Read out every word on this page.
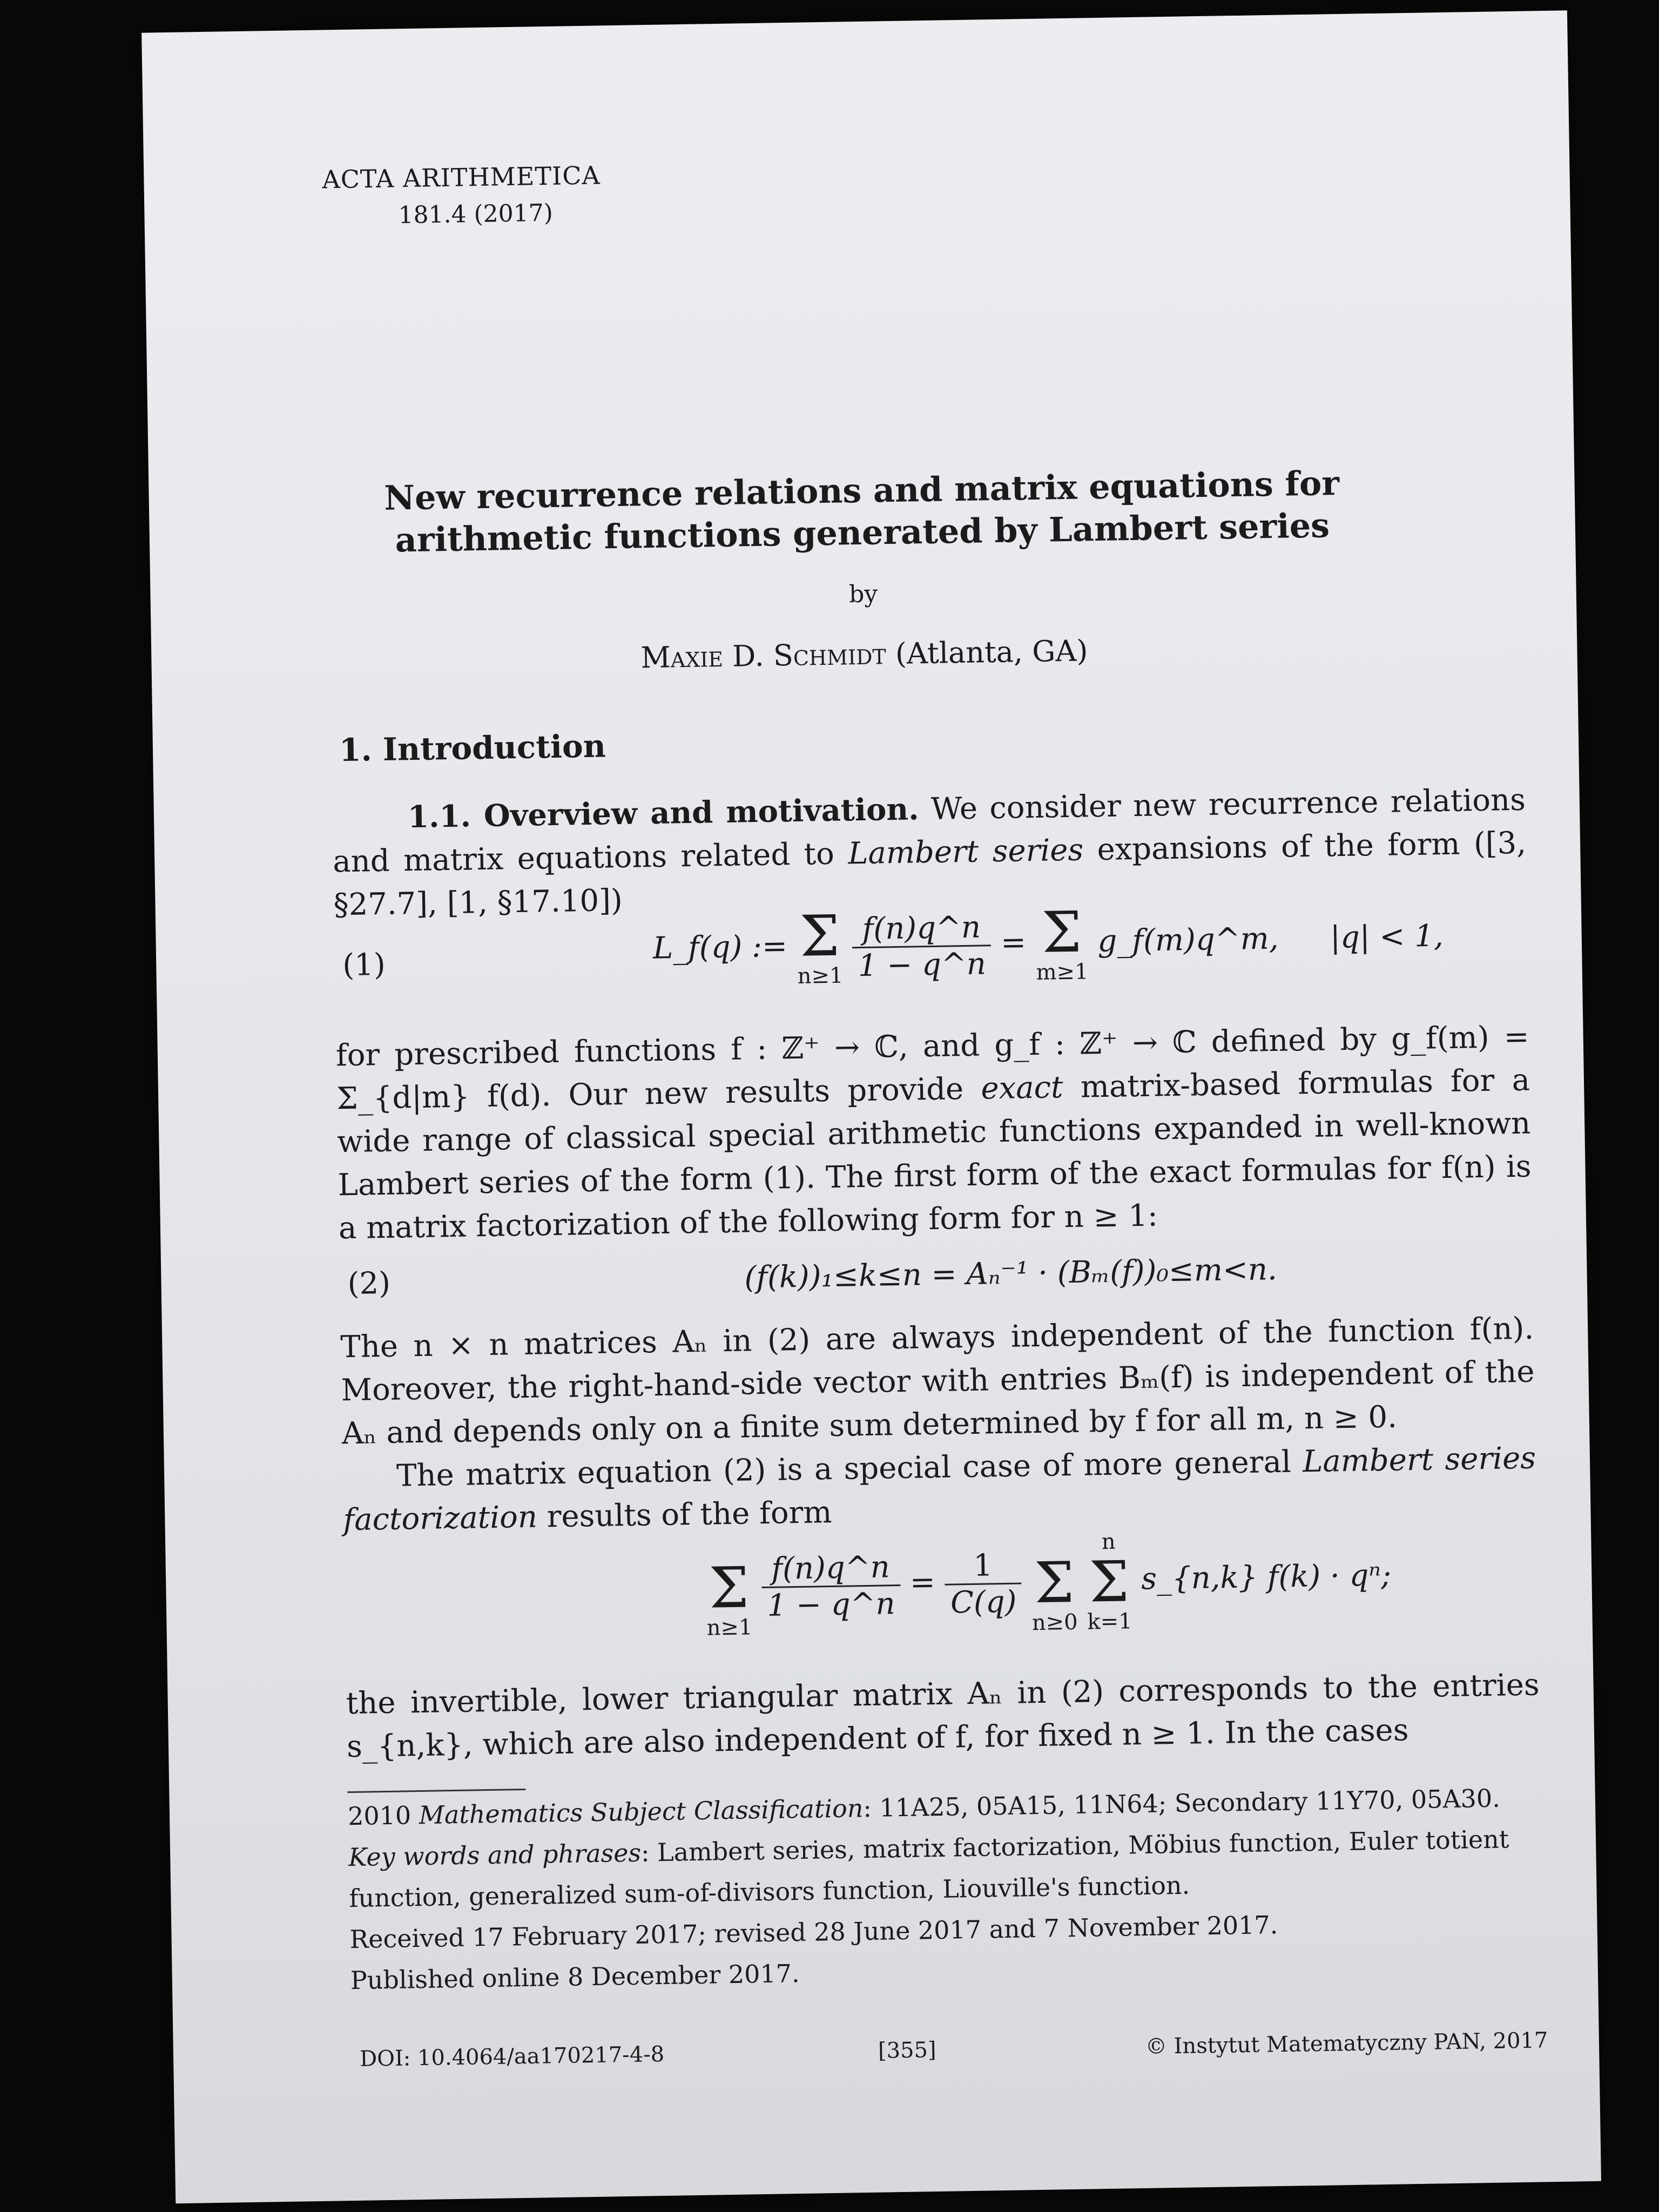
ACTA ARITHMETICA
181.4 (2017)
New recurrence relations and matrix equations for
arithmetic functions generated by Lambert series
by
Maxie D. Schmidt (Atlanta, GA)
1. Introduction
1.1. Overview and motivation. We consider new recurrence relations and matrix equations related to Lambert series expansions of the form ([3, §27.7], [1, §17.10])
(1)	L_f(q) := Σ
n≥1
$\frac{f(n)q\^{}n}{1 - q\^{}n} = \Sigma$
m≥1
g_f(m)q^m, |q| < 1,
for prescribed functions f : ℤ⁺ → ℂ, and g_f : ℤ⁺ → ℂ defined by g_f(m) = Σ_{d|m} f(d). Our new results provide exact matrix-based formulas for a wide range of classical special arithmetic functions expanded in well-known Lambert series of the form (1). The first form of the exact formulas for f(n) is a matrix factorization of the following form for n ≥ 1:
(2)	(f(k))₁≤k≤n = Aₙ⁻¹ · (Bₘ(f))₀≤m<n.
The n × n matrices Aₙ in (2) are always independent of the function f(n). Moreover, the right-hand-side vector with entries Bₘ(f) is independent of the Aₙ and depends only on a finite sum determined by f for all m, n ≥ 0.
The matrix equation (2) is a special case of more general Lambert series factorization results of the form

Σ
n≥1

$\frac{f(n)q\^{}n}{1 - q\^{}n} = \frac{1}{C(q)}$

Σ
n≥0

n
Σ
k=1
s_{n,k} f(k) · qⁿ;
the invertible, lower triangular matrix Aₙ in (2) corresponds to the entries s_{n,k}, which are also independent of f, for fixed n ≥ 1. In the cases
2010 Mathematics Subject Classification: 11A25, 05A15, 11N64; Secondary 11Y70, 05A30.
Key words and phrases: Lambert series, matrix factorization, Möbius function, Euler totient function, generalized sum-of-divisors function, Liouville's function.
Received 17 February 2017; revised 28 June 2017 and 7 November 2017.
Published online 8 December 2017.
DOI: 10.4064/aa170217-4-8	[355]	© Instytut Matematyczny PAN, 2017
